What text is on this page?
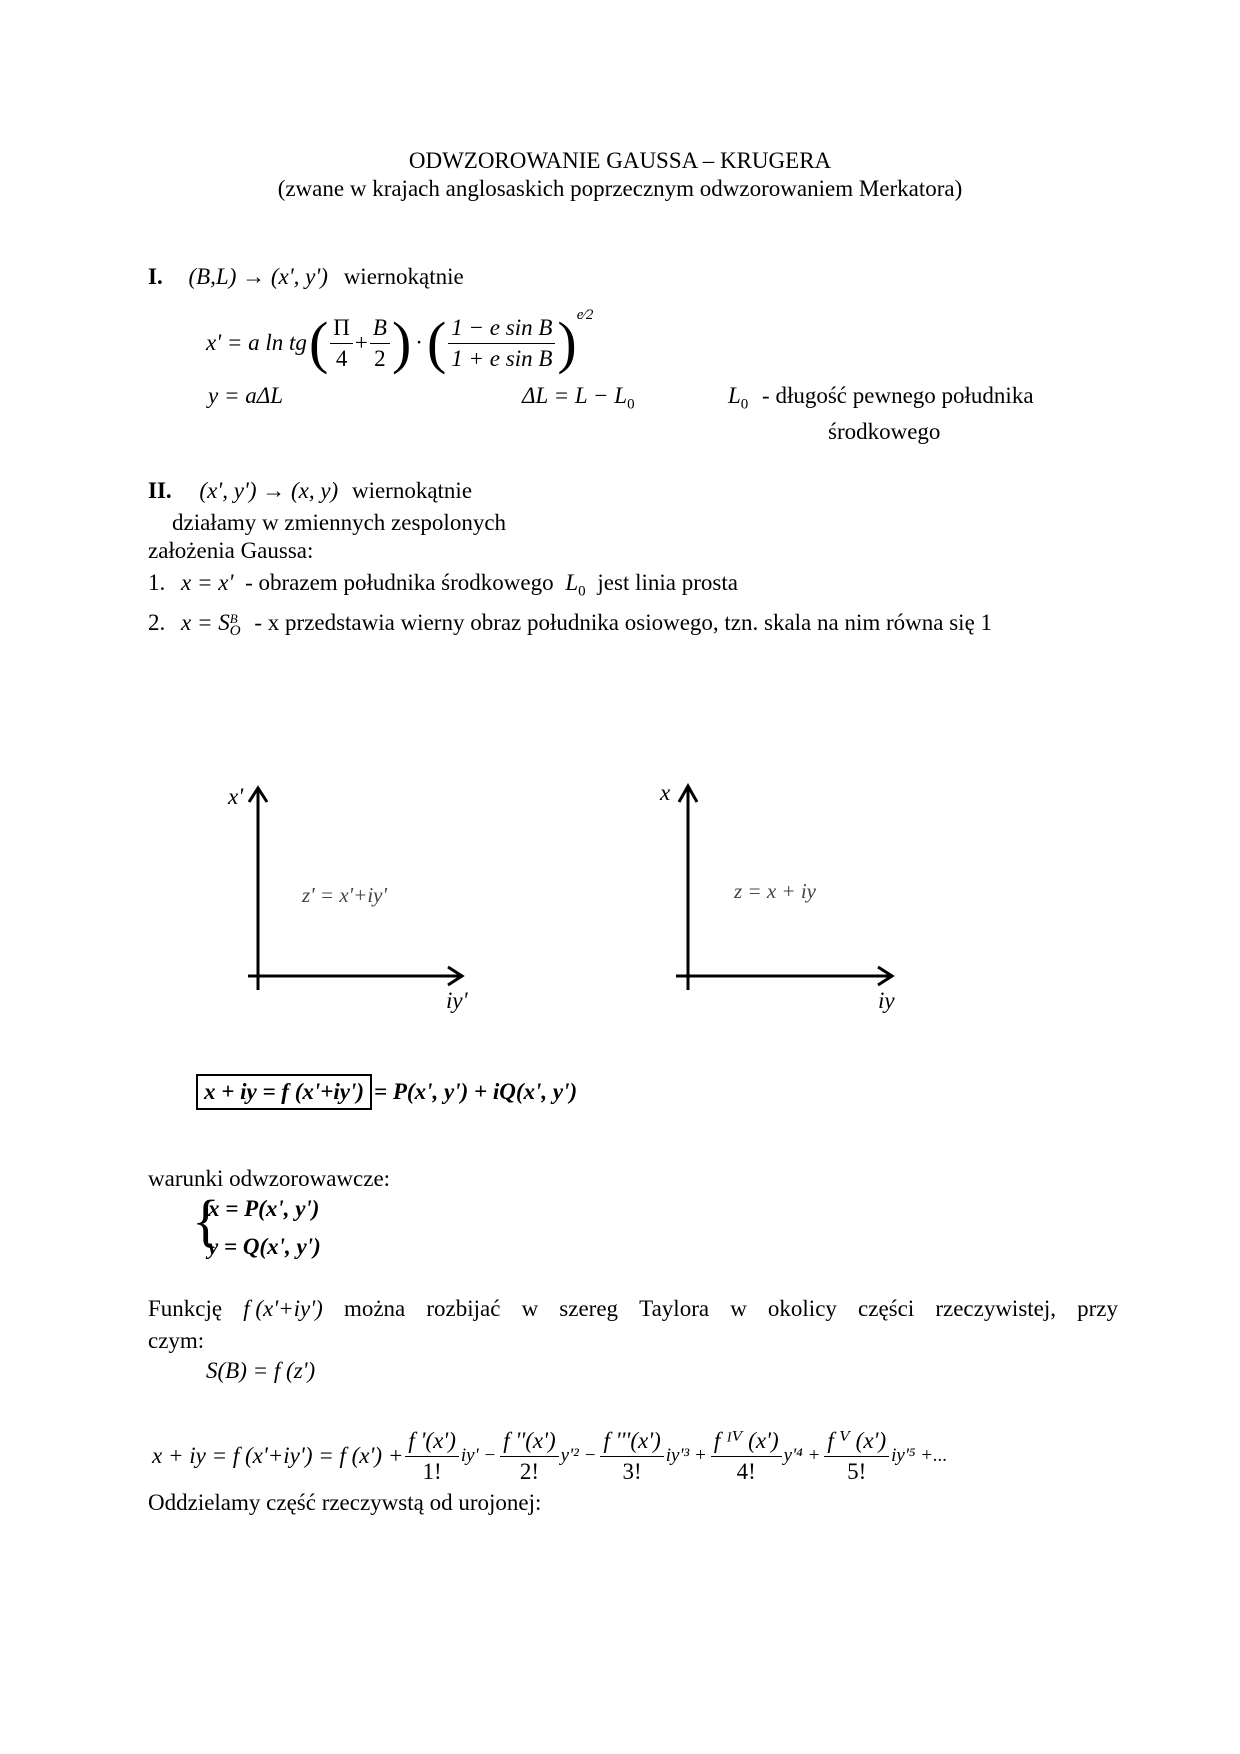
ODWZOROWANIE GAUSSA – KRUGERA
(zwane w krajach anglosaskich poprzecznym odwzorowaniem Merkatora)
I. (B,L) → (x', y') wiernokątnie
x' = a ln tg ( $\frac{\Pi}{4} + \frac{B}{2}$ ) · ( $\frac{\text{1 − e sin B}}{\text{1 + e sin B}}$ ) e⁄2
y = aΔL	$\Delta L = L - L_0$	$L_0$ - długość pewnego południka
środkowego
II. (x', y') → (x, y) wiernokątnie
działamy w zmiennych zespolonych
założenia Gaussa:
1. x = x' - obrazem południka środkowego $L_0$ jest linia prosta
2. x = S B
O - x przedstawia wierny obraz południka osiowego, tzn. skala na nim równa się 1
x'
iy'
z' = x'+iy'
x
iy
z = x + iy
x + iy = f (x'+iy') = P(x', y') + iQ(x', y')
warunki odwzorowawcze:
{
x = P(x', y')
y = Q(x', y')
Funkcję f (x'+iy') można rozbijać w szereg Taylora w okolicy części rzeczywistej, przy
czym:
S(B) = f (z')
x + iy = f (x'+iy') = f $(x') + \frac{f '(x')}{1!} iy' - \frac{f ''(x')}{2!} y'^2 - \frac{f '''(x')}{3!} iy'^3 + \frac{\text{f ᴵⱽ (x')}}{4!} y'^4 + \frac{\text{f ⱽ (x')}}{5!} iy'^5$ +...
Oddzielamy część rzeczywstą od urojonej:
